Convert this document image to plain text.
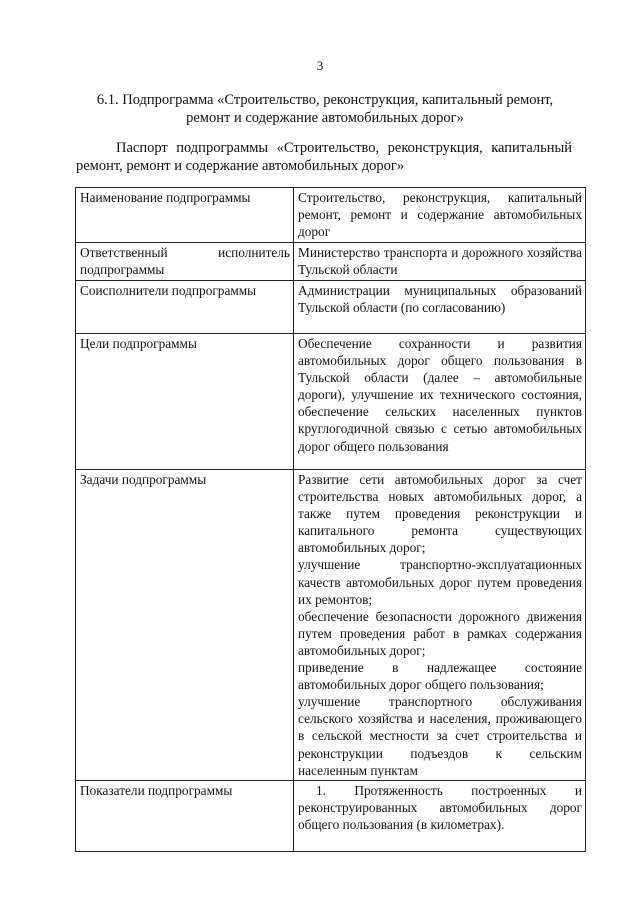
3
6.1. Подпрограмма «Строительство, реконструкция, капитальный ремонт,
ремонт и содержание автомобильных дорог»
Паспорт подпрограммы «Строительство, реконструкция, капитальный ремонт, ремонт и содержание автомобильных дорог»
Наименование подпрограммы	Строительство, реконструкция, капитальный ремонт, ремонт и содержание автомобильных дорог
Ответственный исполнитель подпрограммы	Министерство транспорта и дорожного хозяйства Тульской области
Соисполнители подпрограммы	Администрации муниципальных образований Тульской области (по согласованию)
Цели подпрограммы	Обеспечение сохранности и развития автомобильных дорог общего пользования в Тульской области (далее – автомобильные дороги), улучшение их технического состояния, обеспечение сельских населенных пунктов круглогодичной связью с сетью автомобильных дорог общего пользования
Задачи подпрограммы	Развитие сети автомобильных дорог за счет строительства новых автомобильных дорог, а также путем проведения реконструкции и капитального ремонта существующих автомобильных дорог;
улучшение транспортно-эксплуатационных качеств автомобильных дорог путем проведения их ремонтов;
обеспечение безопасности дорожного движения путем проведения работ в рамках содержания автомобильных дорог;
приведение в надлежащее состояние автомобильных дорог общего пользования;
улучшение транспортного обслуживания сельского хозяйства и населения, проживающего в сельской местности за счет строительства и реконструкции подъездов к сельским населенным пунктам

Показатели подпрограммы	1. Протяженность построенных и реконструированных автомобильных дорог общего пользования (в километрах).
